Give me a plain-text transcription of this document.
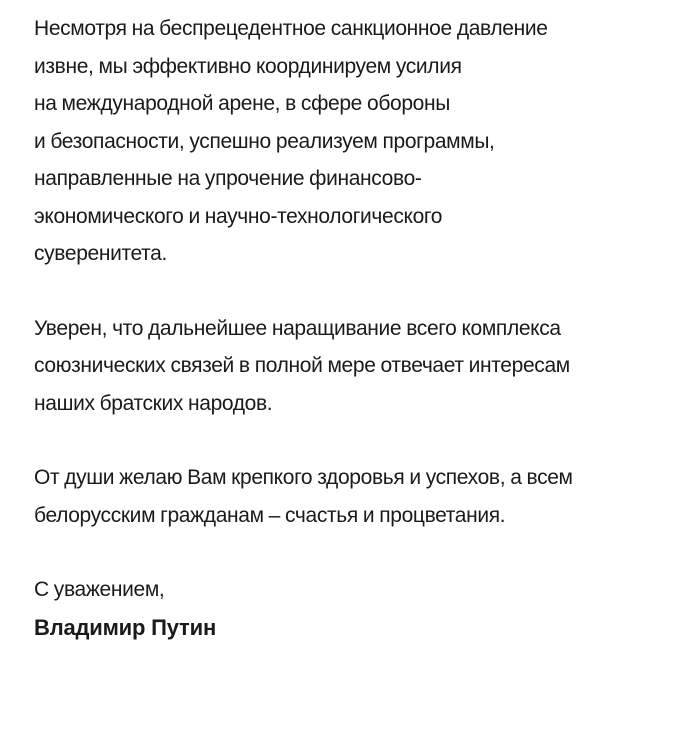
Несмотря на беспрецедентное санкционное давление
извне, мы эффективно координируем усилия
на международной арене, в сфере обороны
и безопасности, успешно реализуем программы,
направленные на упрочение финансово-
экономического и научно-технологического
суверенитета.

Уверен, что дальнейшее наращивание всего комплекса
союзнических связей в полной мере отвечает интересам
наших братских народов.

От души желаю Вам крепкого здоровья и успехов, а всем
белорусским гражданам – счастья и процветания.

С уважением,

Владимир Путин
